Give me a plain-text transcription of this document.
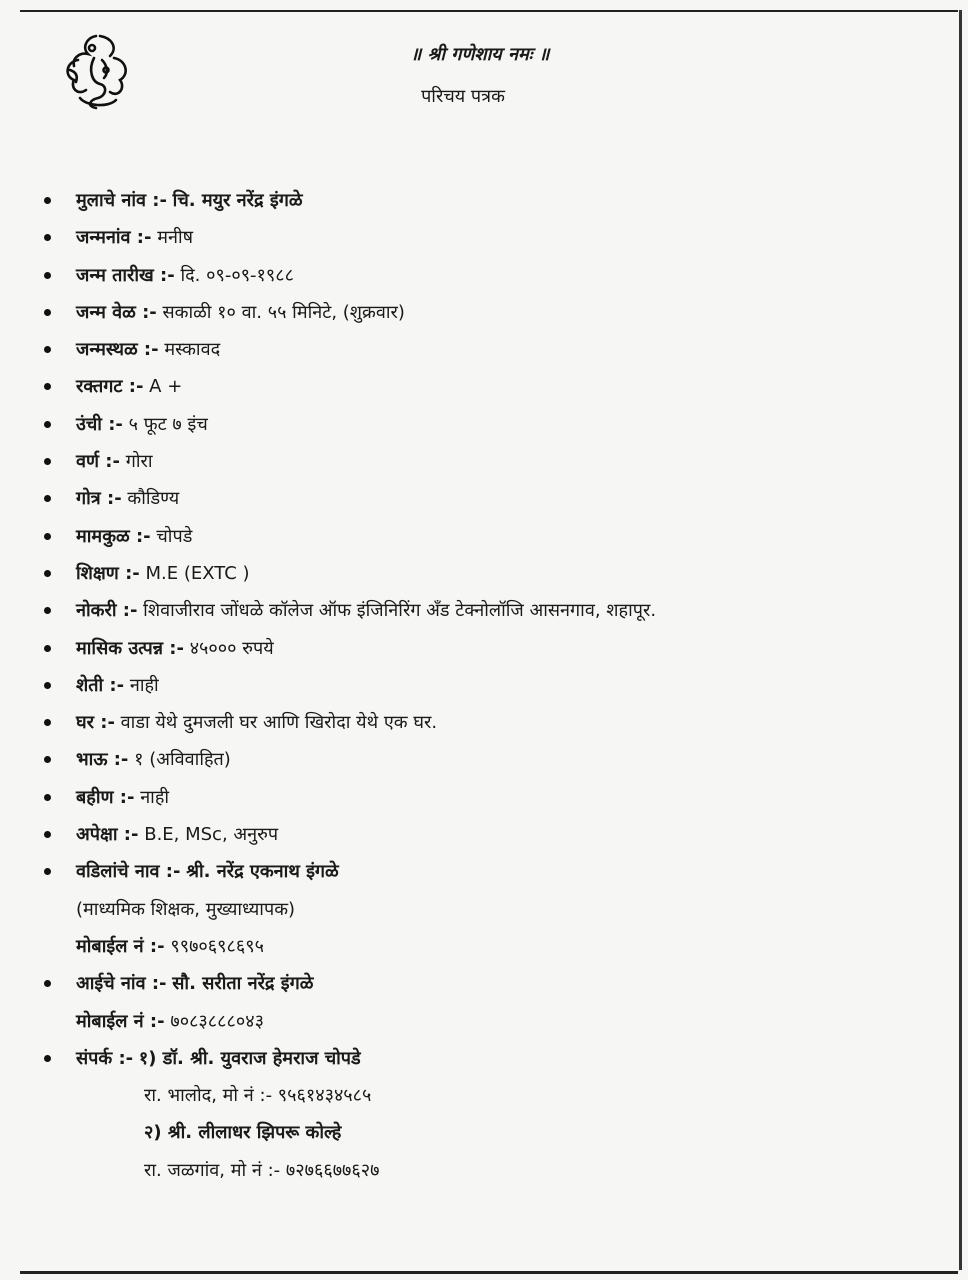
॥ श्री गणेशाय नमः ॥
परिचय पत्रक
मुलाचे नांव :- चि. मयुर नरेंद्र इंगळे
जन्मनांव :- मनीष
जन्म तारीख :- दि. ०९-०९-१९८८
जन्म वेळ :- सकाळी १० वा. ५५ मिनिटे, (शुक्रवार)
जन्मस्थळ :- मस्कावद
रक्तगट :- A +
उंची :- ५ फूट ७ इंच
वर्ण :- गोरा
गोत्र :- कौडिण्य
मामकुळ :- चोपडे
शिक्षण :- M.E (EXTC )
नोकरी :- शिवाजीराव जोंधळे कॉलेज ऑफ इंजिनिरिंग अँड टेक्नोलॉजि आसनगाव, शहापूर.
मासिक उत्पन्न :- ४५००० रुपये
शेती :- नाही
घर :- वाडा येथे दुमजली घर आणि खिरोदा येथे एक घर.
भाऊ :- १ (अविवाहित)
बहीण :- नाही
अपेक्षा :- B.E, MSc, अनुरुप
वडिलांचे नाव :- श्री. नरेंद्र एकनाथ इंगळे
(माध्यमिक शिक्षक, मुख्याध्यापक)
मोबाईल नं :- ९९७०६९८६९५
आईचे नांव :- सौ. सरीता नरेंद्र इंगळे
मोबाईल नं :- ७०८३८८८०४३
संपर्क :- १) डॉ. श्री. युवराज हेमराज चोपडे
रा. भालोद, मो नं :- ९५६१४३४५८५
२) श्री. लीलाधर झिपरू कोल्हे
रा. जळगांव, मो नं :- ७२७६६७७६२७
